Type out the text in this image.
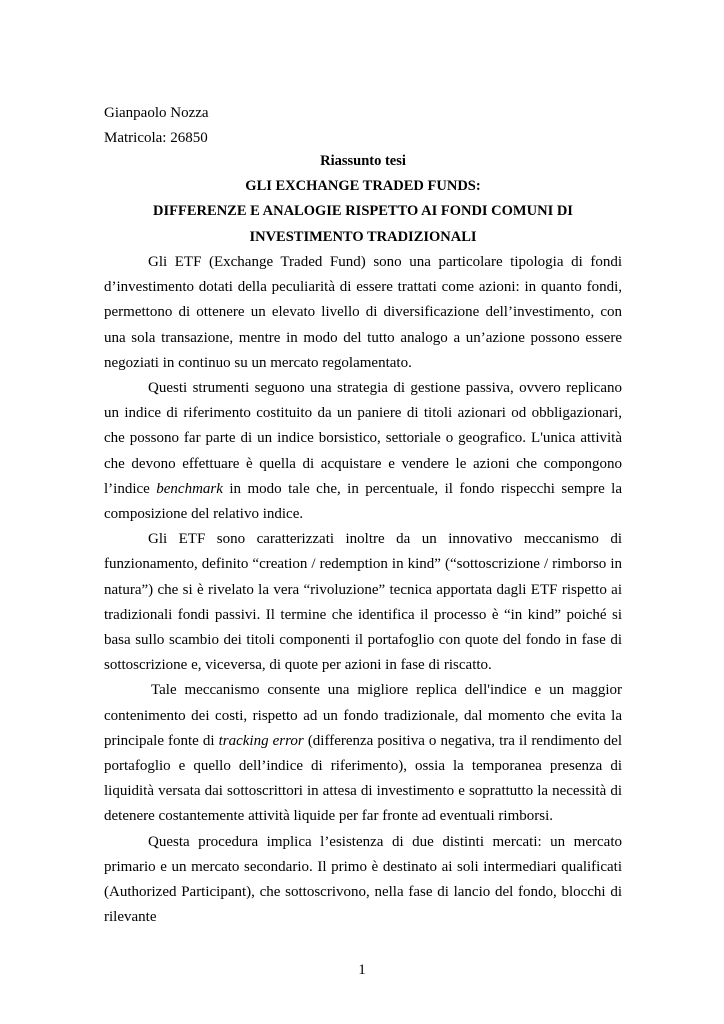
Gianpaolo Nozza
Matricola: 26850
Riassunto tesi
GLI EXCHANGE TRADED FUNDS:
DIFFERENZE E ANALOGIE RISPETTO AI FONDI COMUNI DI
INVESTIMENTO TRADIZIONALI

Gli ETF (Exchange Traded Fund) sono una particolare tipologia di fondi d’investimento dotati della peculiarità di essere trattati come azioni: in quanto fondi, permettono di ottenere un elevato livello di diversificazione dell’investimento, con una sola transazione, mentre in modo del tutto analogo a un’azione possono essere negoziati in continuo su un mercato regolamentato.

Questi strumenti seguono una strategia di gestione passiva, ovvero replicano un indice di riferimento costituito da un paniere di titoli azionari od obbligazionari, che possono far parte di un indice borsistico, settoriale o geografico. L'unica attività che devono effettuare è quella di acquistare e vendere le azioni che compongono l’indice benchmark in modo tale che, in percentuale, il fondo rispecchi sempre la composizione del relativo indice.

Gli ETF sono caratterizzati inoltre da un innovativo meccanismo di funzionamento, definito “creation / redemption in kind” (“sottoscrizione / rimborso in natura”) che si è rivelato la vera “rivoluzione” tecnica apportata dagli ETF rispetto ai tradizionali fondi passivi. Il termine che identifica il processo è “in kind” poiché si basa sullo scambio dei titoli componenti il portafoglio con quote del fondo in fase di sottoscrizione e, viceversa, di quote per azioni in fase di riscatto.

Tale meccanismo consente una migliore replica dell'indice e un maggior contenimento dei costi, rispetto ad un fondo tradizionale, dal momento che evita la principale fonte di tracking error (differenza positiva o negativa, tra il rendimento del portafoglio e quello dell’indice di riferimento), ossia la temporanea presenza di liquidità versata dai sottoscrittori in attesa di investimento e soprattutto la necessità di detenere costantemente attività liquide per far fronte ad eventuali rimborsi.

Questa procedura implica l’esistenza di due distinti mercati: un mercato primario e un mercato secondario. Il primo è destinato ai soli intermediari qualificati (Authorized Participant), che sottoscrivono, nella fase di lancio del fondo, blocchi di rilevante

1
